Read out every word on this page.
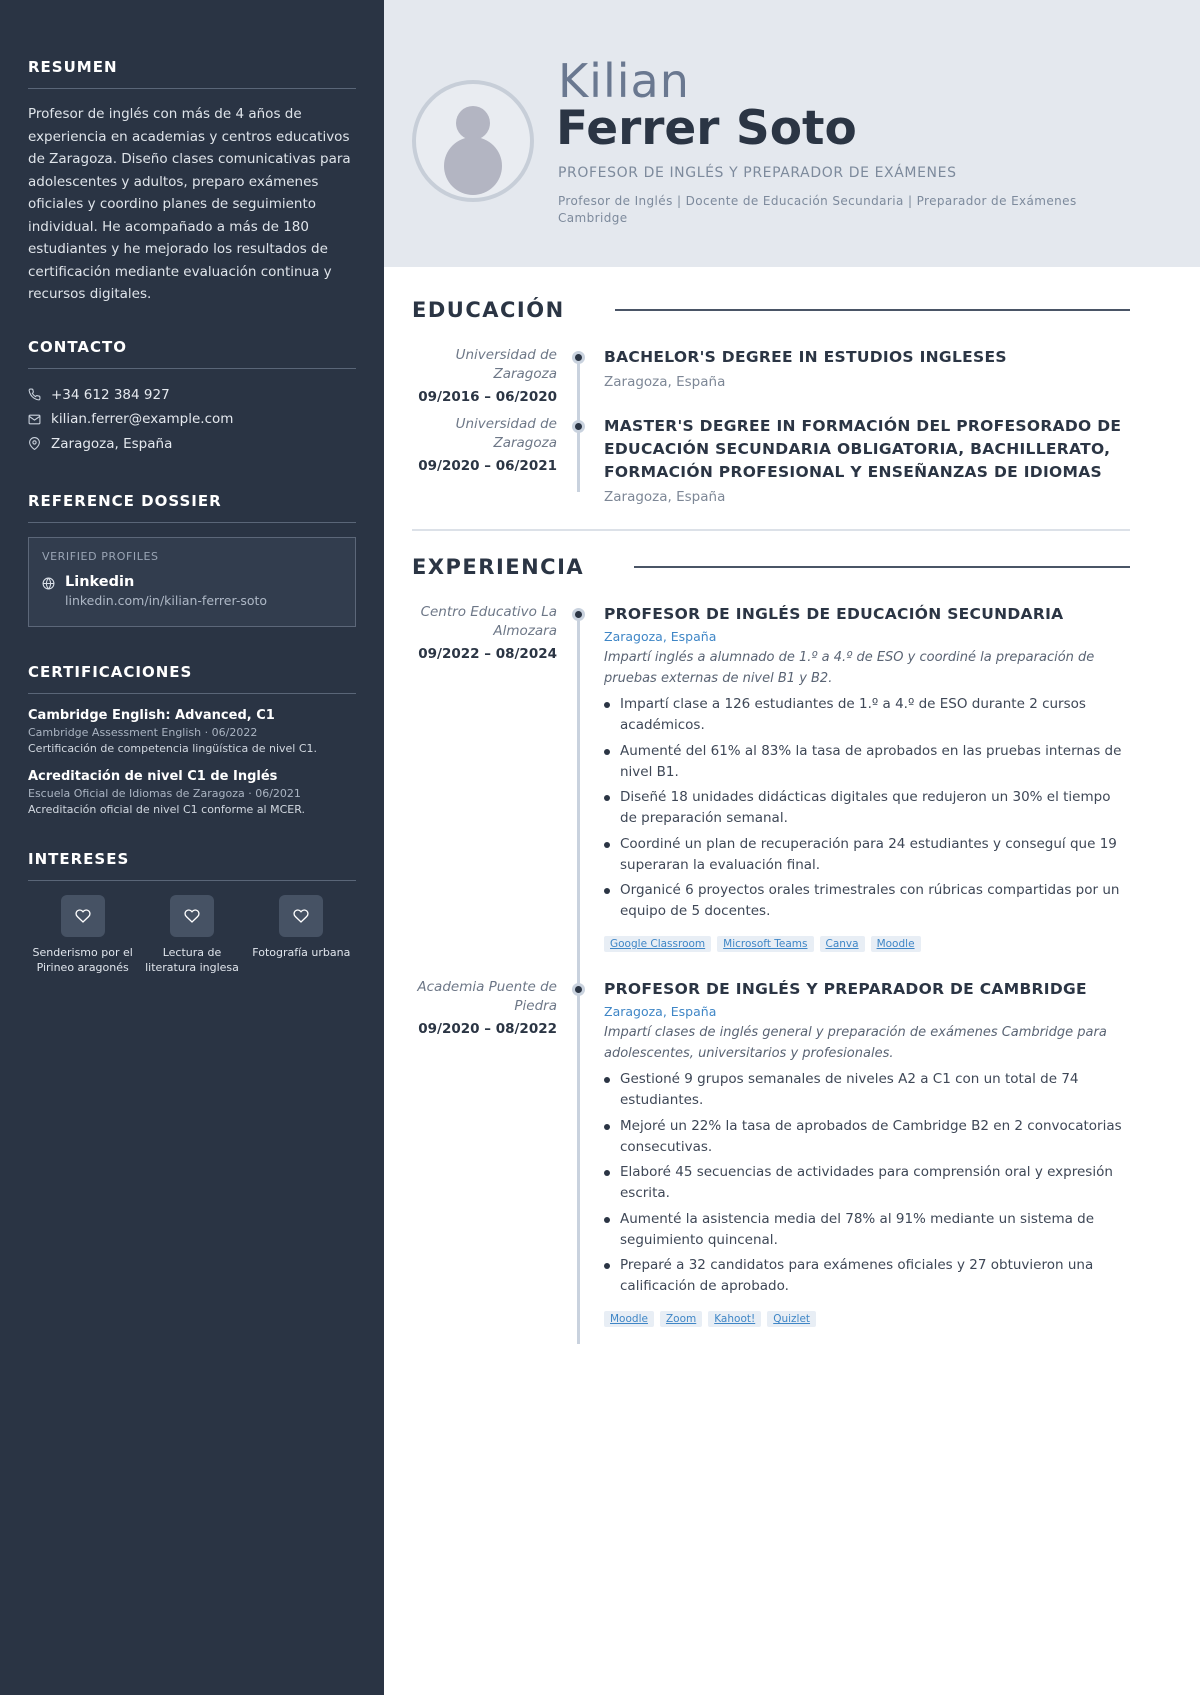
RESUMEN

Profesor de inglés con más de 4 años de experiencia en academias y centros educativos de Zaragoza. Diseño clases comunicativas para adolescentes y adultos, preparo exámenes oficiales y coordino planes de seguimiento individual. He acompañado a más de 180 estudiantes y he mejorado los resultados de certificación mediante evaluación continua y recursos digitales.

CONTACTO
+34 612 384 927
kilian.ferrer@example.com
Zaragoza, España
REFERENCE DOSSIER
VERIFIED PROFILES
Linkedin
linkedin.com/in/kilian-ferrer-soto
CERTIFICACIONES
Cambridge English: Advanced, C1
Cambridge Assessment English · 06/2022
Certificación de competencia lingüística de nivel C1.
Acreditación de nivel C1 de Inglés
Escuela Oficial de Idiomas de Zaragoza · 06/2021
Acreditación oficial de nivel C1 conforme al MCER.
INTERESES
Senderismo por el Pirineo aragonés
Lectura de literatura inglesa
Fotografía urbana
Kilian
Ferrer Soto
PROFESOR DE INGLÉS Y PREPARADOR DE EXÁMENES
Profesor de Inglés | Docente de Educación Secundaria | Preparador de Exámenes Cambridge
EDUCACIÓN
Universidad de Zaragoza
09/2016 – 06/2020
BACHELOR'S DEGREE IN ESTUDIOS INGLESES
Zaragoza, España
Universidad de Zaragoza
09/2020 – 06/2021
MASTER'S DEGREE IN FORMACIÓN DEL PROFESORADO DE EDUCACIÓN SECUNDARIA OBLIGATORIA, BACHILLERATO, FORMACIÓN PROFESIONAL Y ENSEÑANZAS DE IDIOMAS
Zaragoza, España
EXPERIENCIA
Centro Educativo La Almozara
09/2022 – 08/2024
PROFESOR DE INGLÉS DE EDUCACIÓN SECUNDARIA
Zaragoza, España
Impartí inglés a alumnado de 1.º a 4.º de ESO y coordiné la preparación de pruebas externas de nivel B1 y B2.
Impartí clase a 126 estudiantes de 1.º a 4.º de ESO durante 2 cursos académicos.
Aumenté del 61% al 83% la tasa de aprobados en las pruebas internas de nivel B1.
Diseñé 18 unidades didácticas digitales que redujeron un 30% el tiempo de preparación semanal.
Coordiné un plan de recuperación para 24 estudiantes y conseguí que 19 superaran la evaluación final.
Organicé 6 proyectos orales trimestrales con rúbricas compartidas por un equipo de 5 docentes.
Google Classroom	Microsoft Teams	Canva	Moodle
Academia Puente de Piedra
09/2020 – 08/2022
PROFESOR DE INGLÉS Y PREPARADOR DE CAMBRIDGE
Zaragoza, España
Impartí clases de inglés general y preparación de exámenes Cambridge para adolescentes, universitarios y profesionales.
Gestioné 9 grupos semanales de niveles A2 a C1 con un total de 74 estudiantes.
Mejoré un 22% la tasa de aprobados de Cambridge B2 en 2 convocatorias consecutivas.
Elaboré 45 secuencias de actividades para comprensión oral y expresión escrita.
Aumenté la asistencia media del 78% al 91% mediante un sistema de seguimiento quincenal.
Preparé a 32 candidatos para exámenes oficiales y 27 obtuvieron una calificación de aprobado.
Moodle	Zoom	Kahoot!	Quizlet
